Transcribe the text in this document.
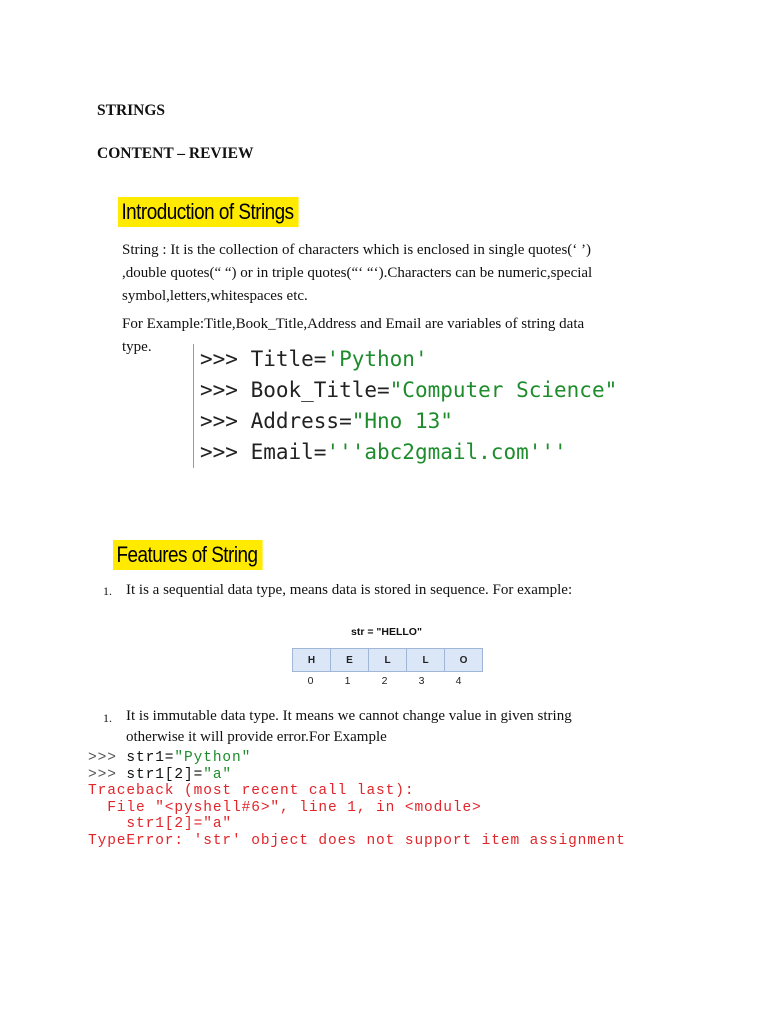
STRINGS
CONTENT – REVIEW
Introduction of Strings
String : It is the collection of characters which is enclosed in single quotes(‘ ’)
,double quotes(“ “) or in triple quotes(“‘ “‘).Characters can be numeric,special
symbol,letters,whitespaces etc.
For Example:Title,Book_Title,Address and Email are variables of string data
type.	>>> Title='Python'
>>> Book_Title="Computer Science"
>>> Address="Hno 13"
>>> Email='''abc2gmail.com'''
Features of String
1. It is a sequential data type, means data is stored in sequence. For example:
str = "HELLO"
H	E	L	L	O
0	1	2	3	4
1. It is immutable data type. It means we cannot change value in given string
otherwise it will provide error.For Example
>>> str1="Python"
>>> str1[2]="a"
Traceback (most recent call last):
File "<pyshell#6>", line 1, in <module>
str1[2]="a"
TypeError: 'str' object does not support item assignment
